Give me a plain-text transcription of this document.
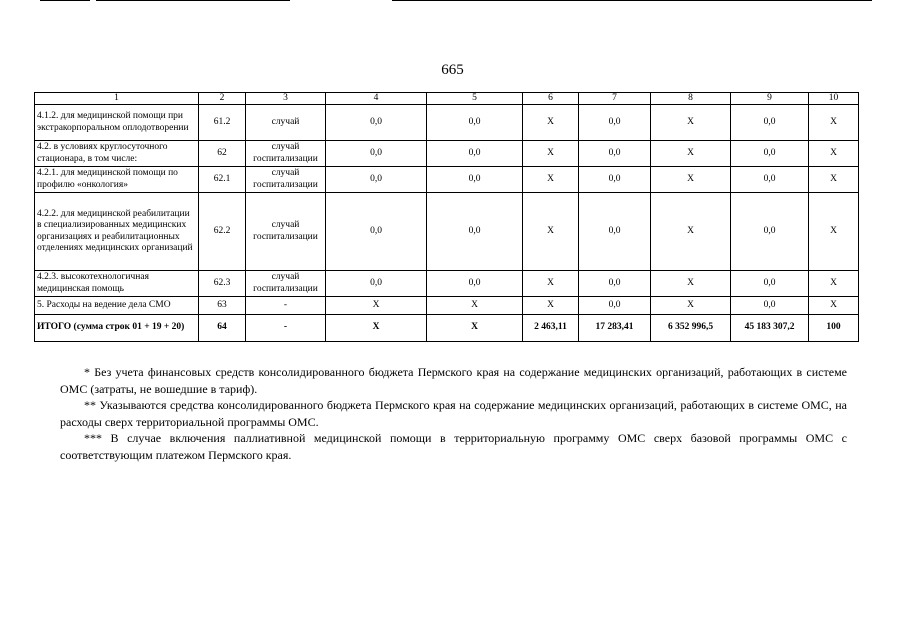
665
1	2	3	4	5	6	7	8	9	10
4.1.2. для медицинской помощи при экстракорпоральном оплодотворении	61.2	случай	0,0	0,0	Х	0,0	Х	0,0	Х
4.2. в условиях круглосуточного стационара, в том числе:	62	случай госпитализации	0,0	0,0	Х	0,0	Х	0,0	Х
4.2.1. для медицинской помощи по профилю «онкология»	62.1	случай госпитализации	0,0	0,0	Х	0,0	Х	0,0	Х
4.2.2. для медицинской реабилитации в специализированных медицинских организациях и реабилитационных отделениях медицинских организаций	62.2	случай госпитализации	0,0	0,0	Х	0,0	Х	0,0	Х
4.2.3. высокотехнологичная медицинская помощь	62.3	случай госпитализации	0,0	0,0	Х	0,0	Х	0,0	Х
5. Расходы на ведение дела СМО	63	-	Х	Х	Х	0,0	Х	0,0	Х
ИТОГО (сумма строк 01 + 19 + 20)	64	-	Х	Х	2 463,11	17 283,41	6 352 996,5	45 183 307,2	100

* Без учета финансовых средств консолидированного бюджета Пермского края на содержание медицинских организаций, работающих в системе ОМС (затраты, не вошедшие в тариф).

** Указываются средства консолидированного бюджета Пермского края на содержание медицинских организаций, работающих в системе ОМС, на расходы сверх территориальной программы ОМС.

*** В случае включения паллиативной медицинской помощи в территориальную программу ОМС сверх базовой программы ОМС с соответствующим платежом Пермского края.
